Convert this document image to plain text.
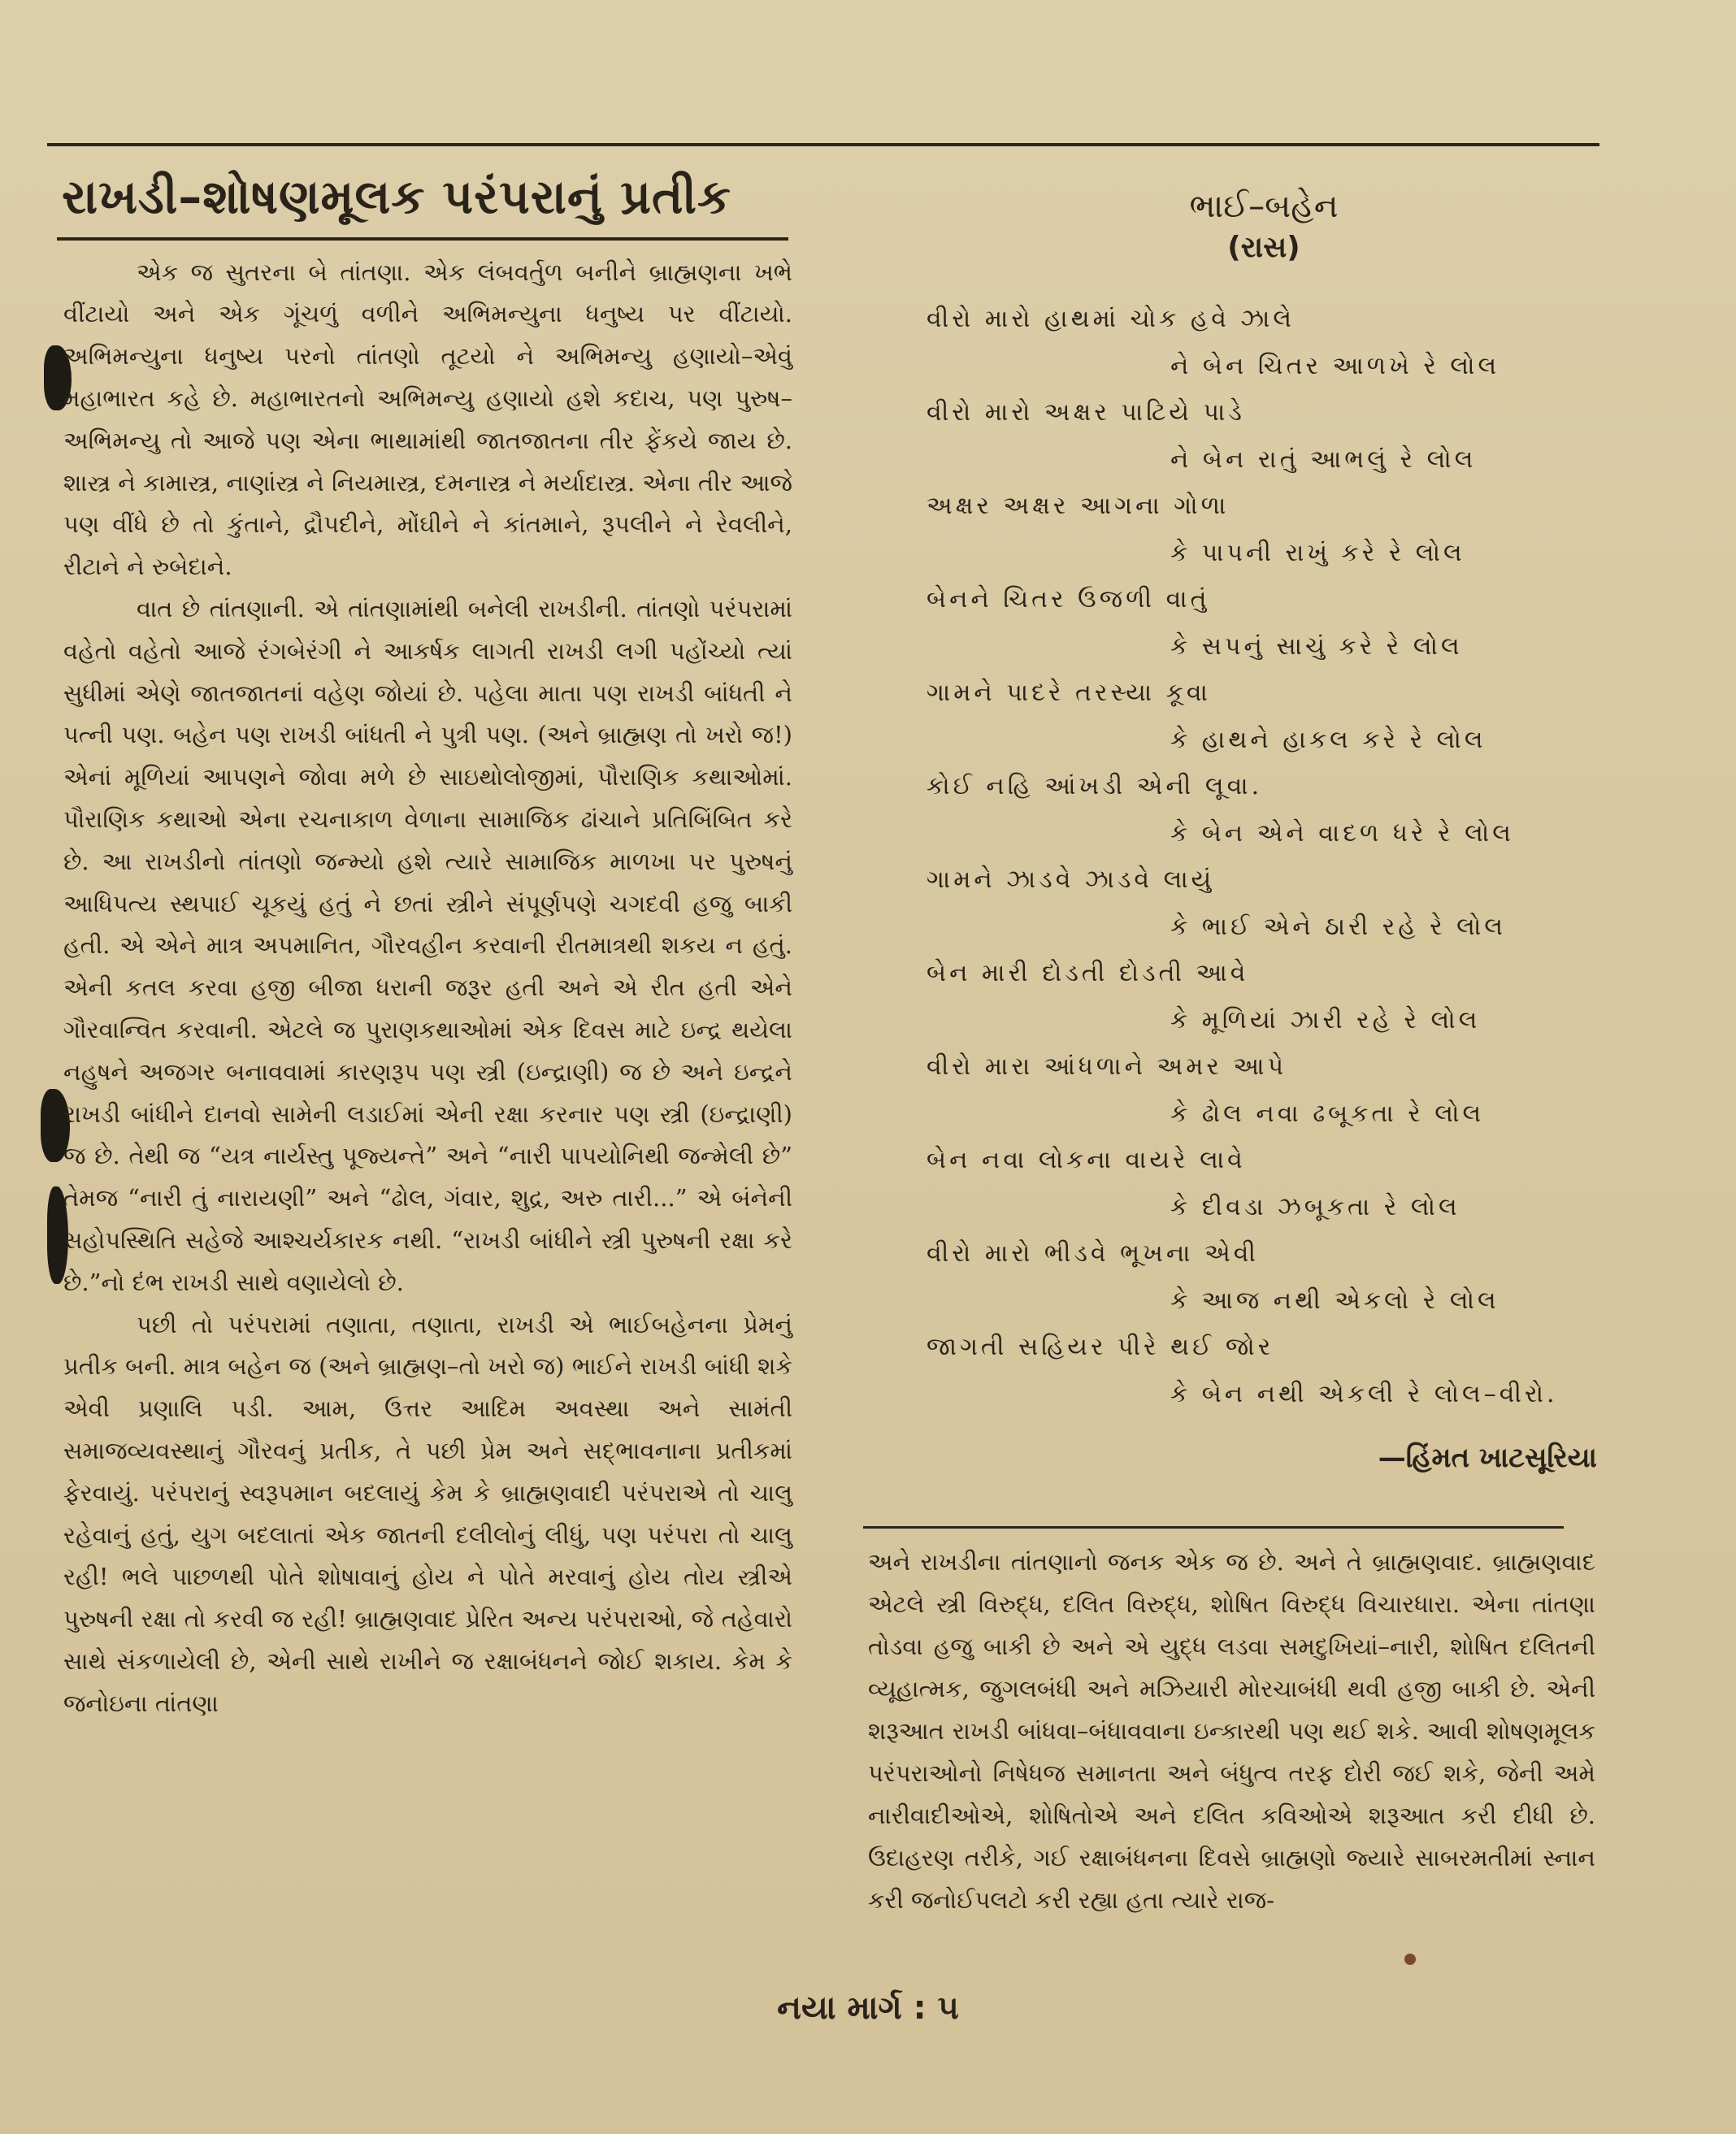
રાખડી–શોષણમૂલક પરંપરાનું પ્રતીક

એક જ સુતરના બે તાંતણા. એક લંબવર્તુળ બનીને બ્રાહ્મણના ખભે વીંટાયો અને એક ગૂંચળું વળીને અભિમન્યુના ધનુષ્ય પર વીંટાયો. અભિમન્યુના ધનુષ્ય પરનો તાંતણો તૂટયો ને અભિમન્યુ હણાયો–એવું મહાભારત કહે છે. મહાભારતનો અભિમન્યુ હણાયો હશે કદાચ, પણ પુરુષ–અભિમન્યુ તો આજે પણ એના ભાથામાંથી જાતજાતના તીર ફેંકયે જાય છે. શાસ્ત્ર ને કામાસ્ત્ર, નાણાંસ્ત્ર ને નિયમાસ્ત્ર, દમનાસ્ત્ર ને મર્યાદાસ્ત્ર. એના તીર આજે પણ વીંધે છે તો કુંતાને, દ્રૌપદીને, મોંઘીને ને કાંતમાને, રૂપલીને ને રેવલીને, રીટાને ને રુબેદાને.

વાત છે તાંતણાની. એ તાંતણામાંથી બનેલી રાખડીની. તાંતણો પરંપરામાં વહેતો વહેતો આજે રંગબેરંગી ને આકર્ષક લાગતી રાખડી લગી પહોંચ્યો ત્યાં સુધીમાં એણે જાતજાતનાં વહેણ જોયાં છે. પહેલા માતા પણ રાખડી બાંધતી ને પત્ની પણ. બહેન પણ રાખડી બાંધતી ને પુત્રી પણ. (અને બ્રાહ્મણ તો ખરો જ!) એનાં મૂળિયાં આપણને જોવા મળે છે સાઇથોલોજીમાં, પૌરાણિક કથાઓમાં. પૌરાણિક કથાઓ એના રચનાકાળ વેળાના સામાજિક ઢાંચાને પ્રતિબિંબિત કરે છે. આ રાખડીનો તાંતણો જન્મ્યો હશે ત્યારે સામાજિક માળખા પર પુરુષનું આધિપત્ય સ્થપાઈ ચૂકયું હતું ને છતાં સ્ત્રીને સંપૂર્ણપણે ચગદવી હજુ બાકી હતી. એ એને માત્ર અપમાનિત, ગૌરવહીન કરવાની રીતમાત્રથી શકય ન હતું. એની કતલ કરવા હજી બીજા ધરાની જરૂર હતી અને એ રીત હતી એને ગૌરવાન્વિત કરવાની. એટલે જ પુરાણકથાઓમાં એક દિવસ માટે ઇન્દ્ર થયેલા નહુષને અજગર બનાવવામાં કારણરૂપ પણ સ્ત્રી (ઇન્દ્રાણી) જ છે અને ઇન્દ્રને રાખડી બાંધીને દાનવો સામેની લડાઈમાં એની રક્ષા કરનાર પણ સ્ત્રી (ઇન્દ્રાણી) જ છે. તેથી જ “યત્ર નાર્યસ્તુ પૂજ્યન્તે” અને “નારી પાપયોનિથી જન્મેલી છે” તેમજ “નારી તું નારાયણી” અને “ઢોલ, ગંવાર, શુદ્ર, અરુ તારી...” એ બંનેની સહોપસ્થિતિ સહેજે આશ્ચર્યકારક નથી. “રાખડી બાંધીને સ્ત્રી પુરુષની રક્ષા કરે છે.”નો દંભ રાખડી સાથે વણાયેલો છે.

પછી તો પરંપરામાં તણાતા, તણાતા, રાખડી એ ભાઈબહેનના પ્રેમનું પ્રતીક બની. માત્ર બહેન જ (અને બ્રાહ્મણ–તો ખરો જ) ભાઈને રાખડી બાંધી શકે એવી પ્રણાલિ પડી. આમ, ઉત્તર આદિમ અવસ્થા અને સામંતી સમાજવ્યવસ્થાનું ગૌરવનું પ્રતીક, તે પછી પ્રેમ અને સદ્ભાવનાના પ્રતીકમાં ફેરવાયું. પરંપરાનું સ્વરૂપમાન બદલાયું કેમ કે બ્રાહ્મણવાદી પરંપરાએ તો ચાલુ રહેવાનું હતું, યુગ બદલાતાં એક જાતની દલીલોનું લીધું, પણ પરંપરા તો ચાલુ રહી! ભલે પાછળથી પોતે શોષાવાનું હોય ને પોતે મરવાનું હોય તોય સ્ત્રીએ પુરુષની રક્ષા તો કરવી જ રહી! બ્રાહ્મણવાદ પ્રેરિત અન્ય પરંપરાઓ, જે તહેવારો સાથે સંકળાયેલી છે, એની સાથે રાખીને જ રક્ષાબંધનને જોઈ શકાય. કેમ કે જનોઇના તાંતણા

ભાઈ–બહેન
(રાસ)
વીરો મારો હાથમાં ચોક હવે ઝાલે
ને બેન ચિતર આળખે રે લોલ
વીરો મારો અક્ષર પાટિયે પાડે
ને બેન રાતું આભલું રે લોલ
અક્ષર અક્ષર આગના ગોળા
કે પાપની રાખું કરે રે લોલ
બેનને ચિતર ઉજળી વાતું
કે સપનું સાચું કરે રે લોલ
ગામને પાદરે તરસ્યા કૂવા
કે હાથને હાકલ કરે રે લોલ
કોઈ નહિ આંખડી એની લૂવા.
કે બેન એને વાદળ ધરે રે લોલ
ગામને ઝાડવે ઝાડવે લાયું
કે ભાઈ એને ઠારી રહે રે લોલ
બેન મારી દોડતી દોડતી આવે
કે મૂળિયાં ઝારી રહે રે લોલ
વીરો મારા આંધળાને અમર આપે
કે ઢોલ નવા ઢબૂકતા રે લોલ
બેન નવા લોકના વાયરે લાવે
કે દીવડા ઝબૂકતા રે લોલ
વીરો મારો ભીડવે ભૂખના એવી
કે આજ નથી એકલો રે લોલ
જાગતી સહિયર પીરે થઈ જોર
કે બેન નથી એકલી રે લોલ–વીરો.
—હિંમત ખાટસૂરિયા
અને રાખડીના તાંતણાનો જનક એક જ છે. અને તે બ્રાહ્મણવાદ. બ્રાહ્મણવાદ એટલે સ્ત્રી વિરુદ્ધ, દલિત વિરુદ્ધ, શોષિત વિરુદ્ધ વિચારધારા. એના તાંતણા તોડવા હજુ બાકી છે અને એ યુદ્ધ લડવા સમદુખિયાં–નારી, શોષિત દલિતની વ્યૂહાત્મક, જુગલબંધી અને મઝિયારી મોરચાબંધી થવી હજી બાકી છે. એની શરૂઆત રાખડી બાંધવા–બંધાવવાના ઇન્કારથી પણ થઈ શકે. આવી શોષણમૂલક પરંપરાઓનો નિષેધજ સમાનતા અને બંધુત્વ તરફ દોરી જઈ શકે, જેની અમે નારીવાદીઓએ, શોષિતોએ અને દલિત કવિઓએ શરૂઆત કરી દીધી છે. ઉદાહરણ તરીકે, ગઈ રક્ષાબંધનના દિવસે બ્રાહ્મણો જ્યારે સાબરમતીમાં સ્નાન કરી જનોઈપલટો કરી રહ્યા હતા ત્યારે રાજ-
નયા માર્ગ : ૫
